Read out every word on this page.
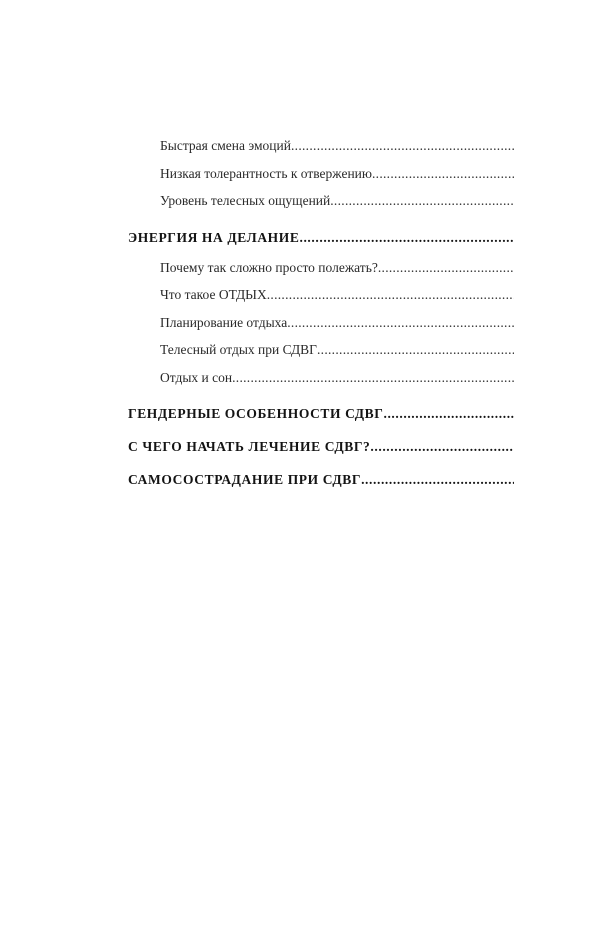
Быстрая смена эмоций
.....
Низкая толерантность к отвержению
.....
Уровень телесных ощущений
.....
ЭНЕРГИЯ НА ДЕЛАНИЕ
.....
Почему так сложно просто полежать?
.....
Что такое ОТДЫХ
.....
Планирование отдыха
.....
Телесный отдых при СДВГ
.....
Отдых и сон
.....
ГЕНДЕРНЫЕ ОСОБЕННОСТИ СДВГ
.....
С ЧЕГО НАЧАТЬ ЛЕЧЕНИЕ СДВГ?
.....
САМОСОСТРАДАНИЕ ПРИ СДВГ
.....
